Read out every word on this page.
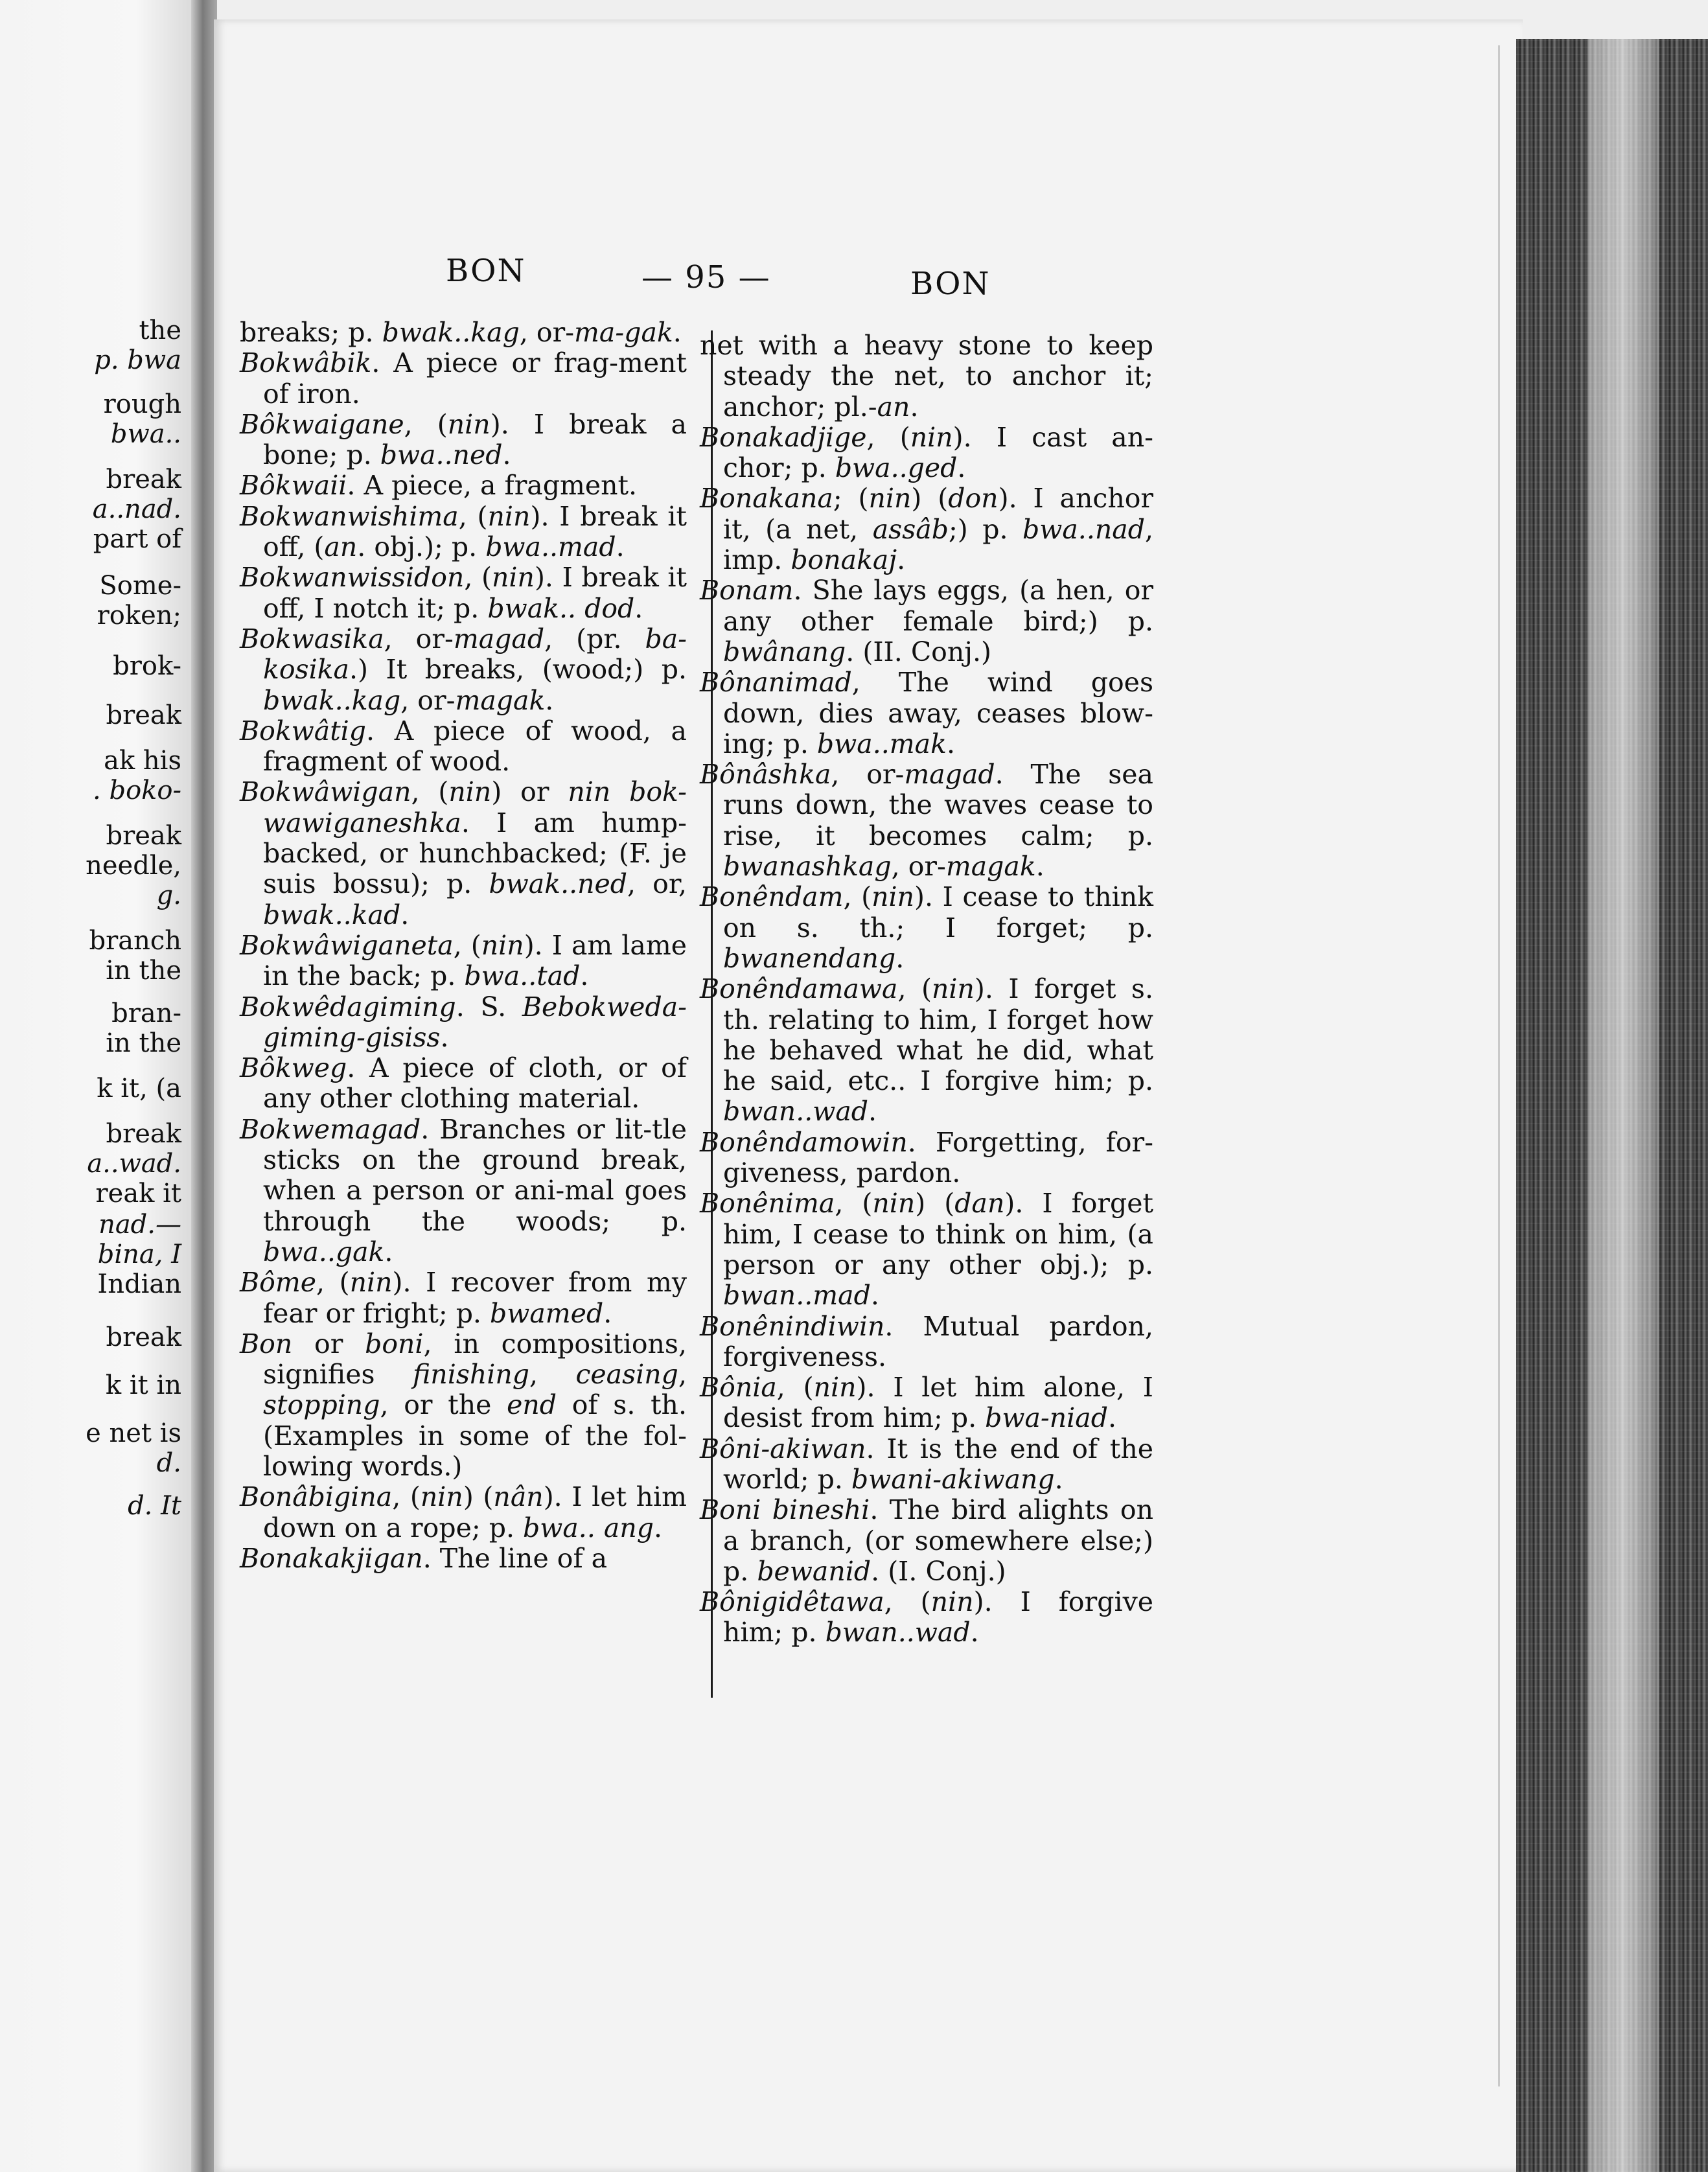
the
p. bwa
rough
bwa..
break
a..nad.
part of
Some-
roken;
brok-
break
ak his
. boko-
break
needle,
g.
branch
in the
bran-
in the
k it, (a
break
a..wad.
reak it
nad.—
bina, I
Indian
break
k it in
e net is
d.
d. It
BON	— 95 —	BON

breaks; p. bwak..kag, or-ma-gak.

Bokwâbik. A piece or frag-ment of iron.

Bôkwaigane, (nin). I break a bone; p. bwa..ned.

Bôkwaii. A piece, a fragment.

Bokwanwishima, (nin). I break it off, (an. obj.); p. bwa..mad.

Bokwanwissidon, (nin). I break it off, I notch it; p. bwak.. dod.

Bokwasika, or-magad, (pr. ba-kosika.) It breaks, (wood;) p. bwak..kag, or-magak.

Bokwâtig. A piece of wood, a fragment of wood.

Bokwâwigan, (nin) or nin bok-wawiganeshka. I am hump-backed, or hunchbacked; (F. je suis bossu); p. bwak..ned, or, bwak..kad.

Bokwâwiganeta, (nin). I am lame in the back; p. bwa..tad.

Bokwêdagiming. S. Bebokweda-giming-gisiss.

Bôkweg. A piece of cloth, or of any other clothing material.

Bokwemagad. Branches or lit-tle sticks on the ground break, when a person or ani-mal goes through the woods; p. bwa..gak.

Bôme, (nin). I recover from my fear or fright; p. bwamed.

Bon or boni, in compositions, signifies finishing, ceasing, stopping, or the end of s. th. (Examples in some of the fol-lowing words.)

Bonâbigina, (nin) (nân). I let him down on a rope; p. bwa.. ang.

Bonakakjigan. The line of a

net with a heavy stone to keep steady the net, to anchor it; anchor; pl.-an.

Bonakadjige, (nin). I cast an-chor; p. bwa..ged.

Bonakana; (nin) (don). I anchor it, (a net, assâb;) p. bwa..nad, imp. bonakaj.

Bonam. She lays eggs, (a hen, or any other female bird;) p. bwânang. (II. Conj.)

Bônanimad, The wind goes down, dies away, ceases blow-ing; p. bwa..mak.

Bônâshka, or-magad. The sea runs down, the waves cease to rise, it becomes calm; p. bwanashkag, or-magak.

Bonêndam, (nin). I cease to think on s. th.; I forget; p. bwanendang.

Bonêndamawa, (nin). I forget s. th. relating to him, I forget how he behaved what he did, what he said, etc.. I forgive him; p. bwan..wad.

Bonêndamowin. Forgetting, for-giveness, pardon.

Bonênima, (nin) (dan). I forget him, I cease to think on him, (a person or any other obj.); p. bwan..mad.

Bonênindiwin. Mutual pardon, forgiveness.

Bônia, (nin). I let him alone, I desist from him; p. bwa-niad.

Bôni-akiwan. It is the end of the world; p. bwani-akiwang.

Boni bineshi. The bird alights on a branch, (or somewhere else;) p. bewanid. (I. Conj.)

Bônigidêtawa, (nin). I forgive him; p. bwan..wad.
